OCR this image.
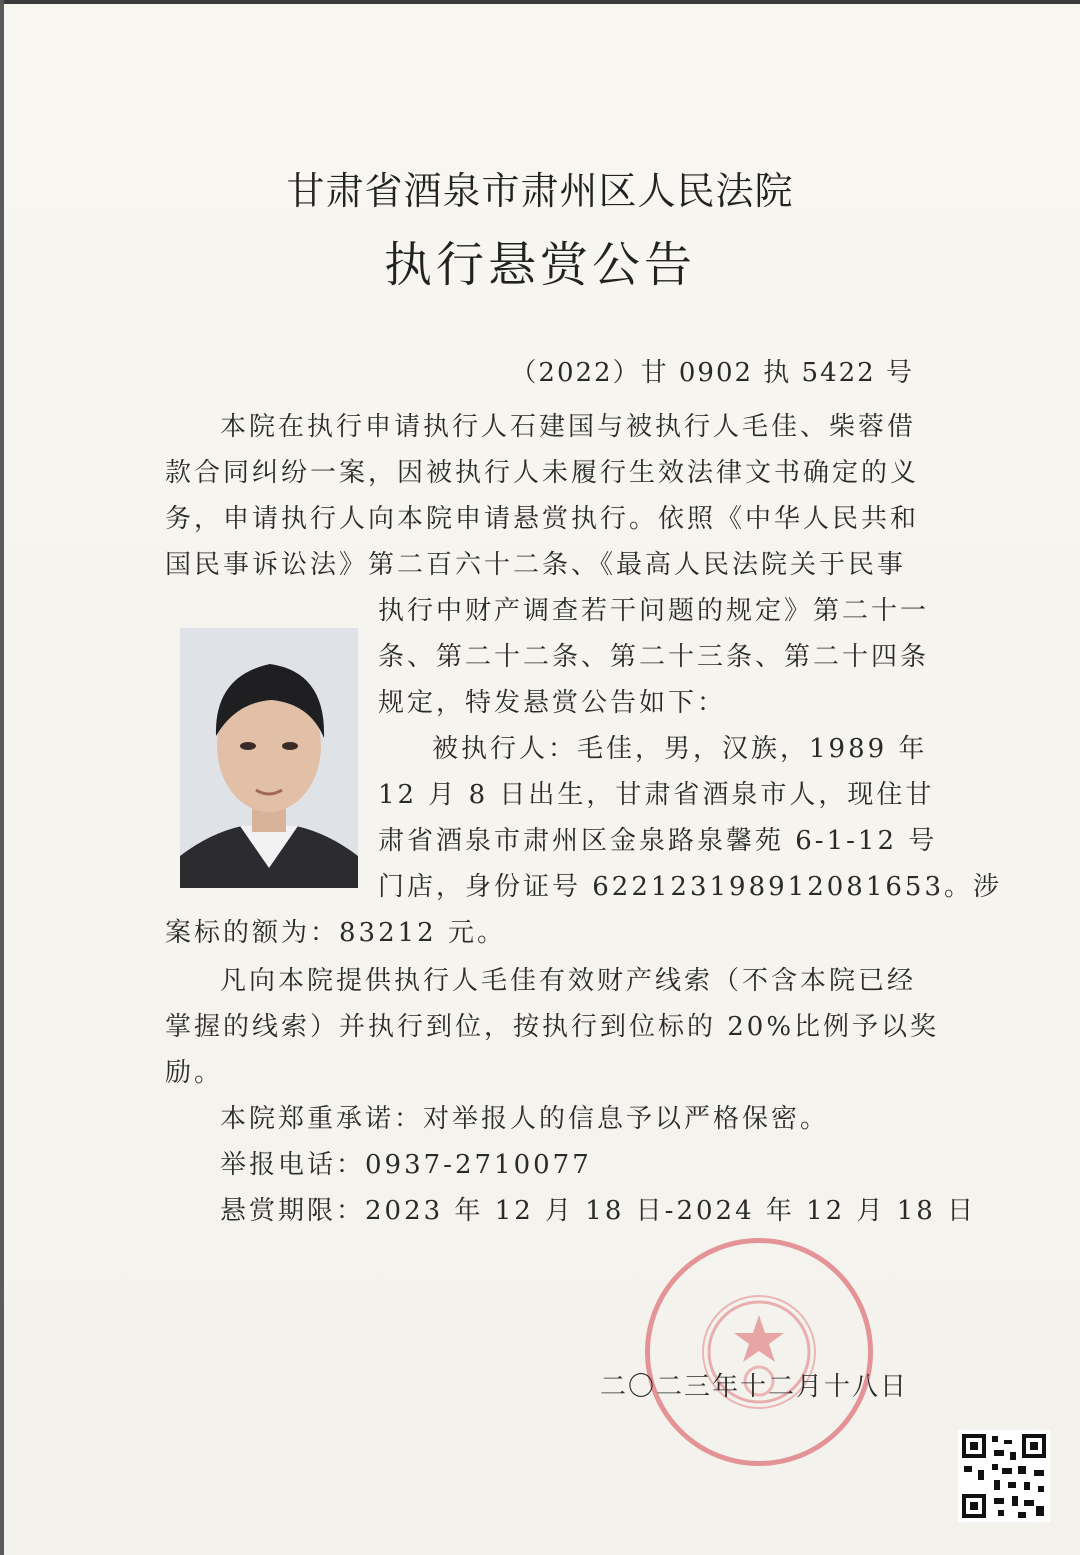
甘肃省酒泉市肃州区人民法院
执行悬赏公告
（2022）甘 0902 执 5422 号
本院在执行申请执行人石建国与被执行人毛佳、柴蓉借
款合同纠纷一案，因被执行人未履行生效法律文书确定的义
务，申请执行人向本院申请悬赏执行。依照《中华人民共和
国民事诉讼法》第二百六十二条、《最高人民法院关于民事
执行中财产调查若干问题的规定》第二十一
条、第二十二条、第二十三条、第二十四条
规定，特发悬赏公告如下：
被执行人：毛佳，男，汉族，1989 年
12 月 8 日出生，甘肃省酒泉市人，现住甘
肃省酒泉市肃州区金泉路泉馨苑 6-1-12 号
门店，身份证号 622123198912081653。涉
案标的额为：83212 元。
凡向本院提供执行人毛佳有效财产线索（不含本院已经
掌握的线索）并执行到位，按执行到位标的 20%比例予以奖
励。
本院郑重承诺：对举报人的信息予以严格保密。
举报电话：0937-2710077
悬赏期限：2023 年 12 月 18 日-2024 年 12 月 18 日
二〇二三年十二月十八日
